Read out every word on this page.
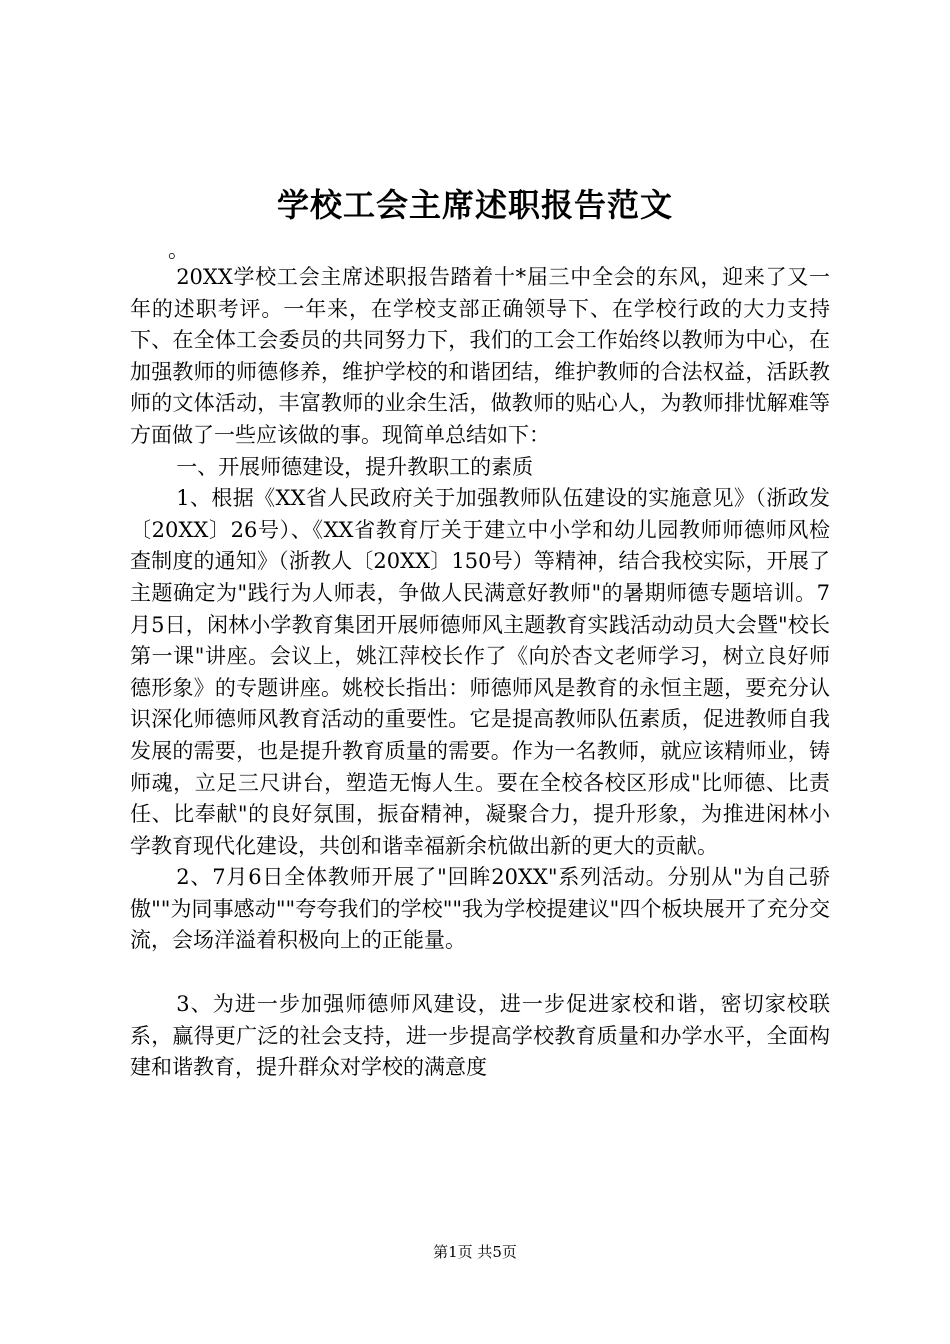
学校工会主席述职报告范文

。

20XX学校工会主席述职报告踏着十*届三中全会的东风，迎来了又一年的述职考评。一年来，在学校支部正确领导下、在学校行政的大力支持下、在全体工会委员的共同努力下，我们的工会工作始终以教师为中心，在加强教师的师德修养，维护学校的和谐团结，维护教师的合法权益，活跃教师的文体活动，丰富教师的业余生活，做教师的贴心人，为教师排忧解难等方面做了一些应该做的事。现简单总结如下：

一、开展师德建设，提升教职工的素质

1、根据《XX省人民政府关于加强教师队伍建设的实施意见》（浙政发〔20XX〕26号）、《XX省教育厅关于建立中小学和幼儿园教师师德师风检查制度的通知》（浙教人〔20XX〕150号）等精神，结合我校实际，开展了主题确定为"践行为人师表，争做人民满意好教师"的暑期师德专题培训。7月5日，闲林小学教育集团开展师德师风主题教育实践活动动员大会暨"校长第一课"讲座。会议上，姚江萍校长作了《向於杏文老师学习，树立良好师德形象》的专题讲座。姚校长指出：师德师风是教育的永恒主题，要充分认识深化师德师风教育活动的重要性。它是提高教师队伍素质，促进教师自我发展的需要，也是提升教育质量的需要。作为一名教师，就应该精师业，铸师魂，立足三尺讲台，塑造无悔人生。要在全校各校区形成"比师德、比责任、比奉献"的良好氛围，振奋精神，凝聚合力，提升形象，为推进闲林小学教育现代化建设，共创和谐幸福新余杭做出新的更大的贡献。

2、7月6日全体教师开展了"回眸20XX"系列活动。分别从"为自己骄傲""为同事感动""夸夸我们的学校""我为学校提建议"四个板块展开了充分交流，会场洋溢着积极向上的正能量。

3、为进一步加强师德师风建设，进一步促进家校和谐，密切家校联系，赢得更广泛的社会支持，进一步提高学校教育质量和办学水平，全面构建和谐教育，提升群众对学校的满意度

第1页 共5页
